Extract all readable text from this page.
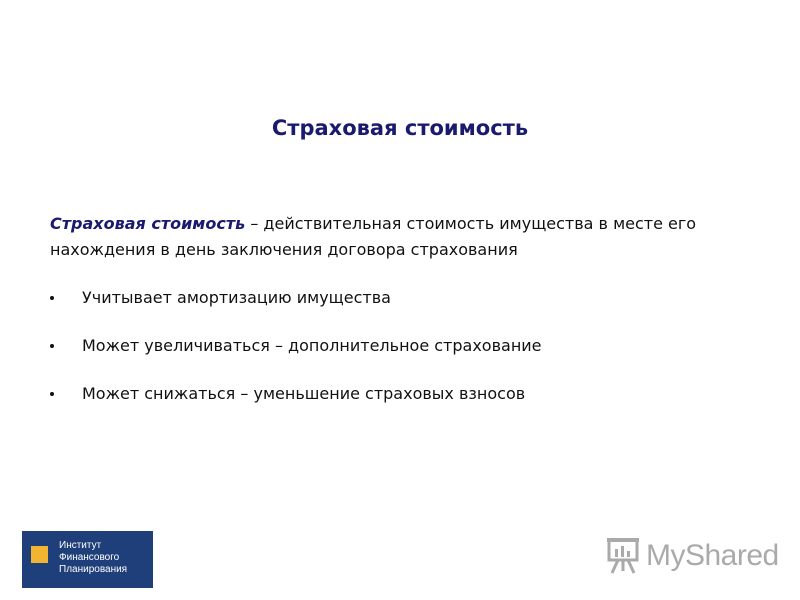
Страховая стоимость
Страховая стоимость – действительная стоимость имущества в месте его нахождения в день заключения договора страхования
Учитывает амортизацию имущества
Может увеличиваться – дополнительное страхование
Может снижаться – уменьшение страховых взносов
Институт
Финансового
Планирования	MyShared
